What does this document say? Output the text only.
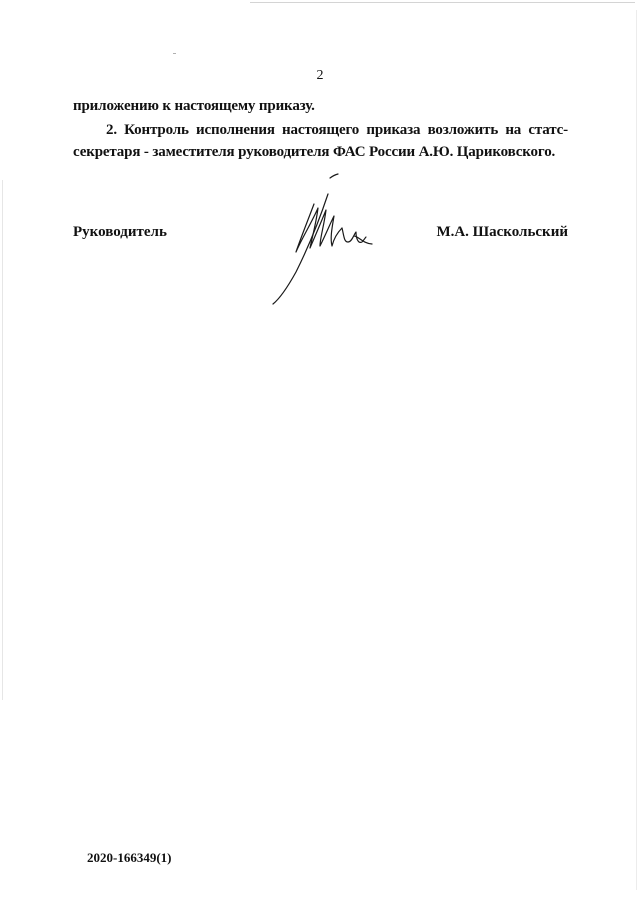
2
приложению к настоящему приказу.
2. Контроль исполнения настоящего приказа возложить на статс-секретаря - заместителя руководителя ФАС России А.Ю. Цариковского.
Руководитель	М.А. Шаскольский
2020-166349(1)
